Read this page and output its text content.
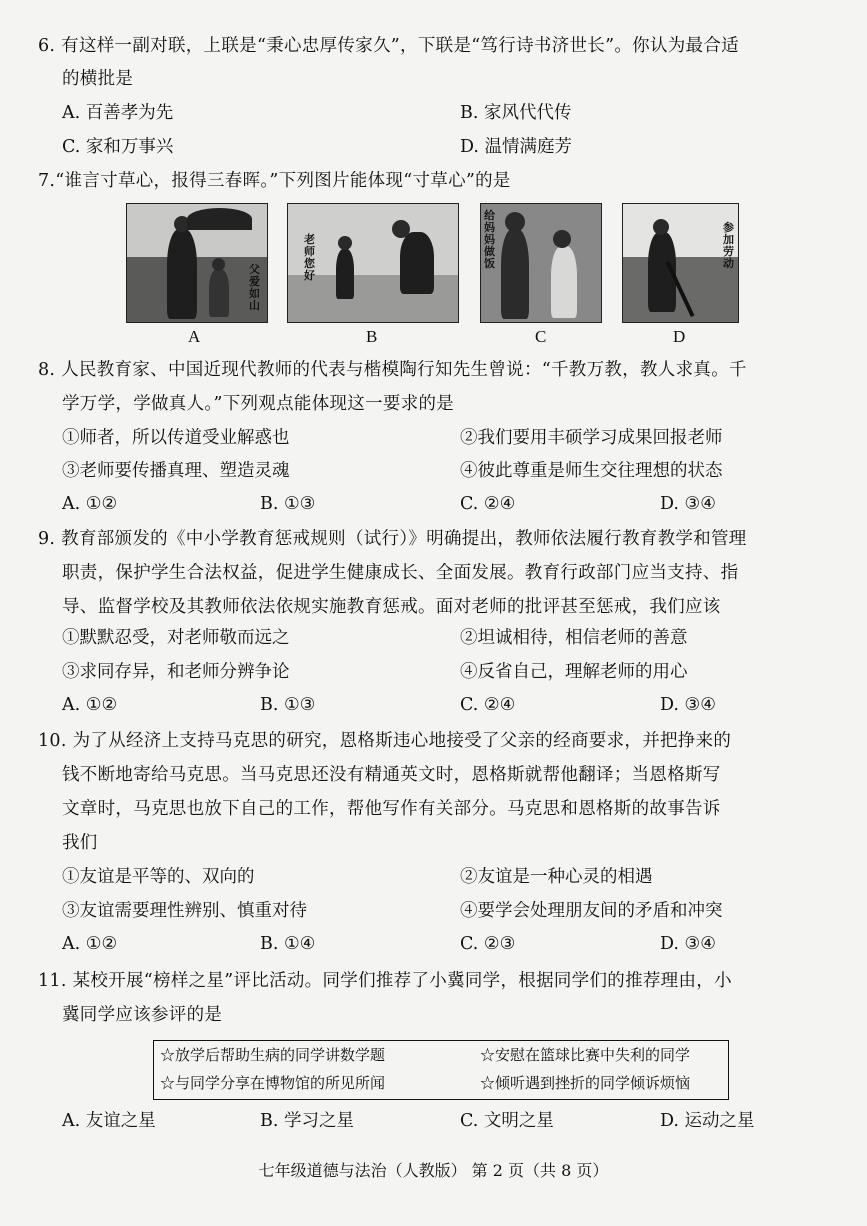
6. 有这样一副对联，上联是“秉心忠厚传家久”，下联是“笃行诗书济世长”。你认为最合适
的横批是
A. 百善孝为先	B. 家风代代传
C. 家和万事兴	D. 温情满庭芳
7.“谁言寸草心，报得三春晖。”下列图片能体现“寸草心”的是
父爱如山
老师您好
给妈妈做饭
参加劳动
A	B	C	D
8. 人民教育家、中国近现代教师的代表与楷模陶行知先生曾说：“千教万教，教人求真。千
学万学，学做真人。”下列观点能体现这一要求的是
①师者，所以传道受业解惑也	②我们要用丰硕学习成果回报老师
③老师要传播真理、塑造灵魂	④彼此尊重是师生交往理想的状态
A. ①②	B. ①③	C. ②④	D. ③④
9. 教育部颁发的《中小学教育惩戒规则（试行）》明确提出，教师依法履行教育教学和管理
职责，保护学生合法权益，促进学生健康成长、全面发展。教育行政部门应当支持、指
导、监督学校及其教师依法依规实施教育惩戒。面对老师的批评甚至惩戒，我们应该
①默默忍受，对老师敬而远之	②坦诚相待，相信老师的善意
③求同存异，和老师分辨争论	④反省自己，理解老师的用心
A. ①②	B. ①③	C. ②④	D. ③④
10. 为了从经济上支持马克思的研究，恩格斯违心地接受了父亲的经商要求，并把挣来的
钱不断地寄给马克思。当马克思还没有精通英文时，恩格斯就帮他翻译；当恩格斯写
文章时，马克思也放下自己的工作，帮他写作有关部分。马克思和恩格斯的故事告诉
我们
①友谊是平等的、双向的	②友谊是一种心灵的相遇
③友谊需要理性辨别、慎重对待	④要学会处理朋友间的矛盾和冲突
A. ①②	B. ①④	C. ②③	D. ③④
11. 某校开展“榜样之星”评比活动。同学们推荐了小冀同学，根据同学们的推荐理由，小
冀同学应该参评的是
☆放学后帮助生病的同学讲数学题	☆安慰在篮球比赛中失利的同学
☆与同学分享在博物馆的所见所闻	☆倾听遇到挫折的同学倾诉烦恼
A. 友谊之星	B. 学习之星	C. 文明之星	D. 运动之星
七年级道德与法治（人教版） 第 2 页（共 8 页）
